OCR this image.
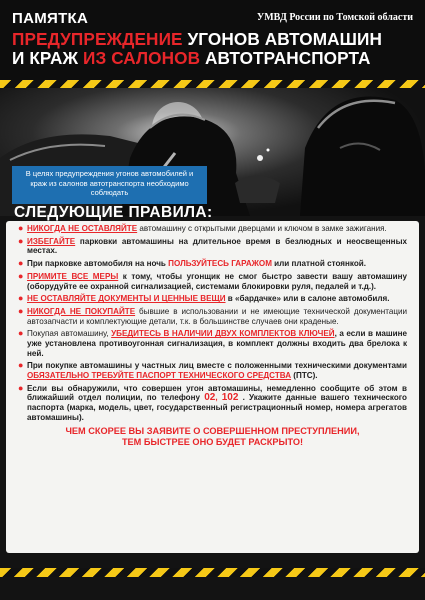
ПАМЯТКА	УМВД России по Томской области
ПРЕДУПРЕЖДЕНИЕ УГОНОВ АВТОМАШИН
И КРАЖ ИЗ САЛОНОВ АВТОТРАНСПОРТА
В целях предупреждения угонов автомобилей и краж из салонов автотранспорта необходимо соблюдать
СЛЕДУЮЩИЕ ПРАВИЛА:
● НИКОГДА НЕ ОСТАВЛЯЙТЕ автомашину с открытыми дверцами и ключом в замке зажигания.
● ИЗБЕГАЙТЕ парковки автомашины на длительное время в безлюдных и неосвещенных местах.
● При парковке автомобиля на ночь ПОЛЬЗУЙТЕСЬ ГАРАЖОМ или платной стоянкой.
● ПРИМИТЕ ВСЕ МЕРЫ к тому, чтобы угонщик не смог быстро завести вашу автомашину (оборудуйте ее охранной сигнализацией, системами блокировки руля, педалей и т.д.).
● НЕ ОСТАВЛЯЙТЕ ДОКУМЕНТЫ И ЦЕННЫЕ ВЕЩИ в «бардачке» или в салоне автомобиля.
● НИКОГДА НЕ ПОКУПАЙТЕ бывшие в использовании и не имеющие технической документации автозапчасти и комплектующие детали, т.к. в большинстве случаев они краденые.
● Покупая автомашину, УБЕДИТЕСЬ В НАЛИЧИИ ДВУХ КОМПЛЕКТОВ КЛЮЧЕЙ, а если в машине уже установлена противоугонная сигнализация, в комплект должны входить два брелока к ней.
● При покупке автомашины у частных лиц вместе с положенными техническими документами ОБЯЗАТЕЛЬНО ТРЕБУЙТЕ ПАСПОРТ ТЕХНИЧЕСКОГО СРЕДСТВА (ПТС).
● Если вы обнаружили, что совершен угон автомашины, немедленно сообщите об этом в ближайший отдел полиции, по телефону 02, 102 . Укажите данные вашего технического паспорта (марка, модель, цвет, государственный регистрационный номер, номера агрегатов автомашины).
ЧЕМ СКОРЕЕ ВЫ ЗАЯВИТЕ О СОВЕРШЕННОМ ПРЕСТУПЛЕНИИ,
ТЕМ БЫСТРЕЕ ОНО БУДЕТ РАСКРЫТО!
